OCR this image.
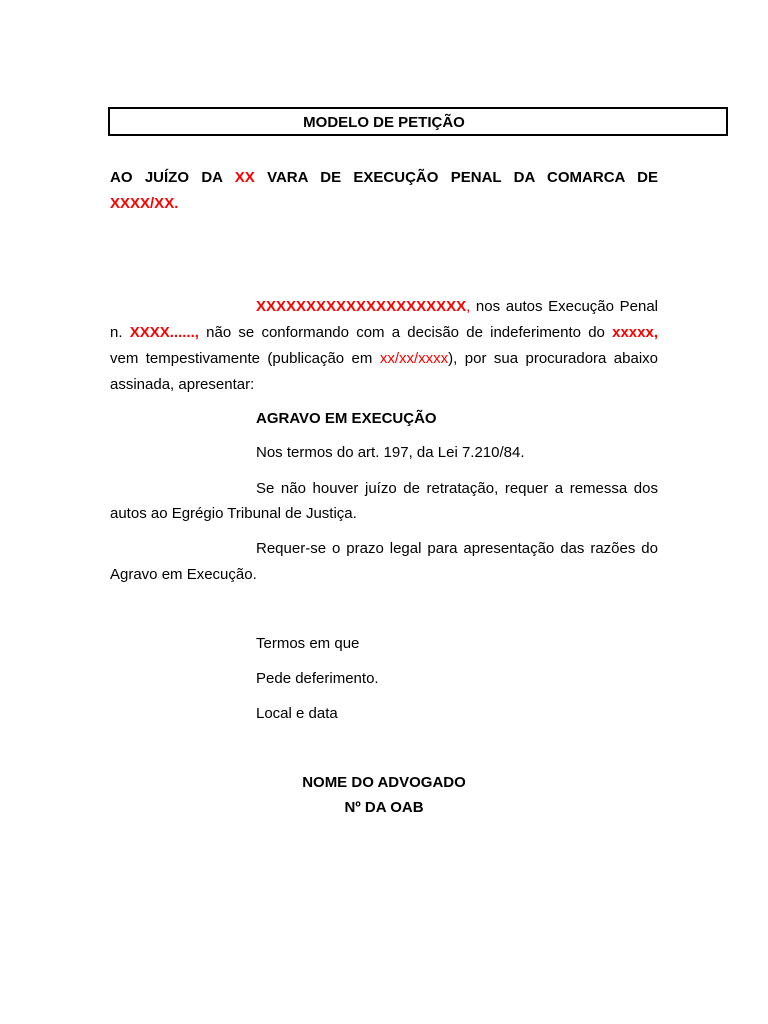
MODELO DE PETIÇÃO
AO JUÍZO DA XX VARA DE EXECUÇÃO PENAL DA COMARCA DE
XXXX/XX.
XXXXXXXXXXXXXXXXXXXXX, nos autos Execução Penal
n. XXXX......, não se conformando com a decisão de indeferimento do xxxxx,
vem tempestivamente (publicação em xx/xx/xxxx), por sua procuradora abaixo
assinada, apresentar:
AGRAVO EM EXECUÇÃO
Nos termos do art. 197, da Lei 7.210/84.
Se não houver juízo de retratação, requer a remessa dos
autos ao Egrégio Tribunal de Justiça.
Requer-se o prazo legal para apresentação das razões do
Agravo em Execução.
Termos em que
Pede deferimento.
Local e data
NOME DO ADVOGADO
Nº DA OAB
